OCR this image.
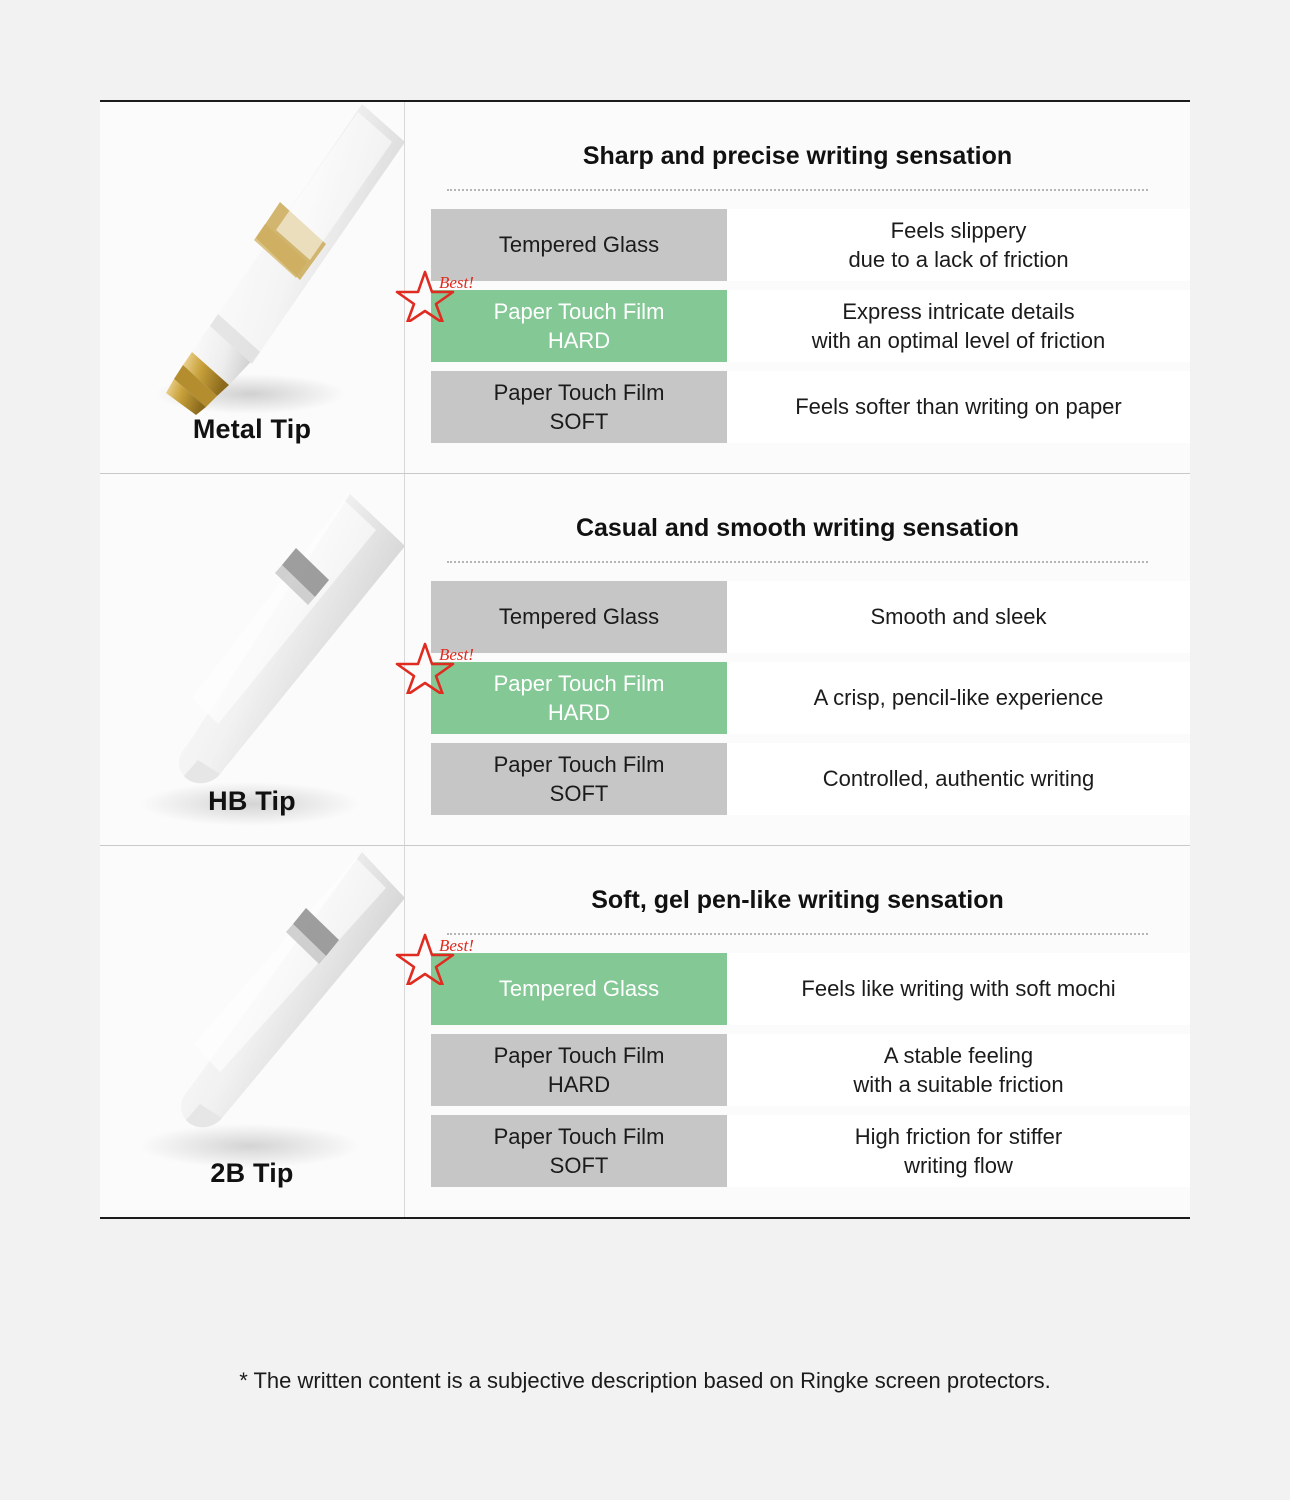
Metal Tip
Sharp and precise writing sensation
Tempered Glass
Feels slippery
due to a lack of friction
Best!
Paper Touch Film
HARD
Express intricate details
with an optimal level of friction
Paper Touch Film
SOFT
Feels softer than writing on paper
HB Tip
Casual and smooth writing sensation
Tempered Glass	Smooth and sleek
Best!
Paper Touch Film
HARD
A crisp, pencil-like experience
Paper Touch Film
SOFT
Controlled, authentic writing
2B Tip
Soft, gel pen-like writing sensation
Best!
Tempered Glass	Feels like writing with soft mochi
Paper Touch Film
HARD
A stable feeling
with a suitable friction
Paper Touch Film
SOFT
High friction for stiffer
writing flow
* The written content is a subjective description based on Ringke screen protectors.
